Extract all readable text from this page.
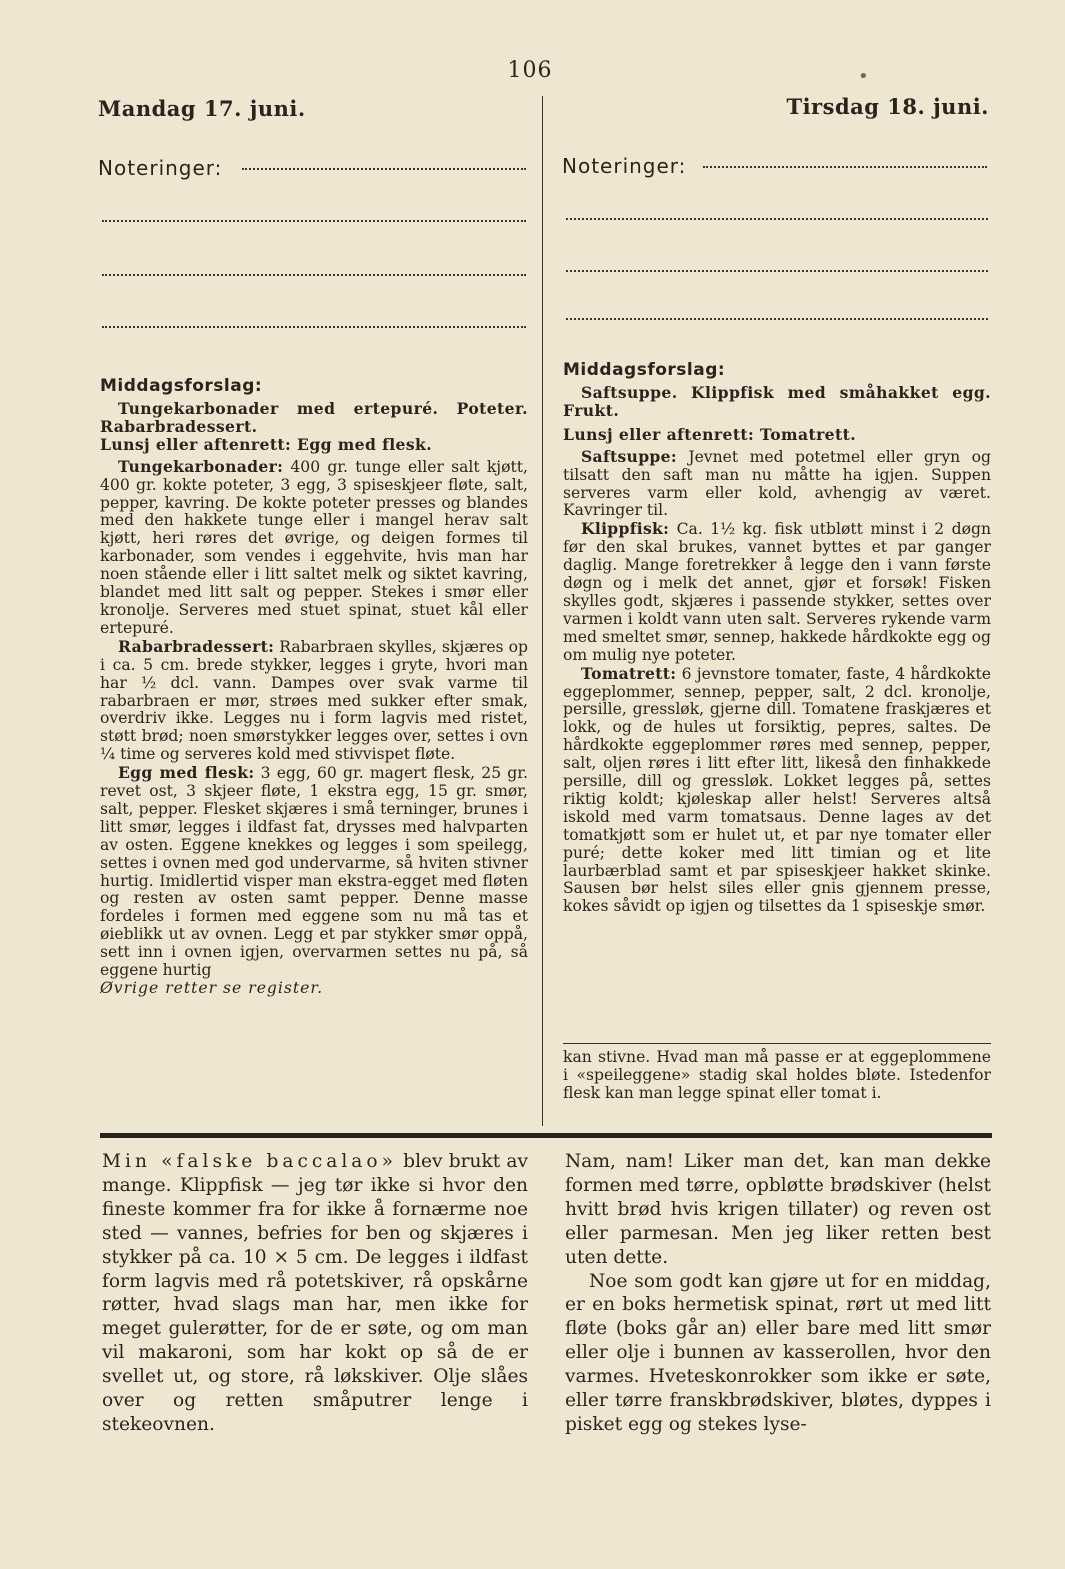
106	•
Mandag 17. juni.
Noteringer:
Tirsdag 18. juni.
Noteringer:
Middagsforslag:

Tungekarbonader med ertepuré. Poteter. Rabarbradessert.

Lunsj eller aftenrett: Egg med flesk.

Tungekarbonader: 400 gr. tunge eller salt kjøtt, 400 gr. kokte poteter, 3 egg, 3 spiseskjeer fløte, salt, pepper, kavring. De kokte poteter presses og blandes med den hakkete tunge eller i mangel herav salt kjøtt, heri røres det øvrige, og deigen formes til karbonader, som vendes i eggehvite, hvis man har noen stående eller i litt saltet melk og siktet kavring, blandet med litt salt og pepper. Stekes i smør eller kronolje. Serveres med stuet spinat, stuet kål eller ertepuré.

Rabarbradessert: Rabarbraen skylles, skjæres op i ca. 5 cm. brede stykker, legges i gryte, hvori man har ½ dcl. vann. Dampes over svak varme til rabarbraen er mør, strøes med sukker efter smak, overdriv ikke. Legges nu i form lagvis med ristet, støtt brød; noen smørstykker legges over, settes i ovn ¼ time og serveres kold med stivvispet fløte.

Egg med flesk: 3 egg, 60 gr. magert flesk, 25 gr. revet ost, 3 skjeer fløte, 1 ekstra egg, 15 gr. smør, salt, pepper. Flesket skjæres i små terninger, brunes i litt smør, legges i ildfast fat, drysses med halvparten av osten. Eggene knekkes og legges i som speilegg, settes i ovnen med god undervarme, så hviten stivner hurtig. Imidlertid visper man ekstra-egget med fløten og resten av osten samt pepper. Denne masse fordeles i formen med eggene som nu må tas et øieblikk ut av ovnen. Legg et par stykker smør oppå, sett inn i ovnen igjen, overvarmen settes nu på, så eggene hurtig

Øvrige retter se register.

Middagsforslag:

Saftsuppe. Klippfisk med småhakket egg. Frukt.

Lunsj eller aftenrett: Tomatrett.

Saftsuppe: Jevnet med potetmel eller gryn og tilsatt den saft man nu måtte ha igjen. Suppen serveres varm eller kold, avhengig av været. Kavringer til.

Klippfisk: Ca. 1½ kg. fisk utbløtt minst i 2 døgn før den skal brukes, vannet byttes et par ganger daglig. Mange foretrekker å legge den i vann første døgn og i melk det annet, gjør et forsøk! Fisken skylles godt, skjæres i passende stykker, settes over varmen i koldt vann uten salt. Serveres rykende varm med smeltet smør, sennep, hakkede hårdkokte egg og om mulig nye poteter.

Tomatrett: 6 jevnstore tomater, faste, 4 hårdkokte eggeplommer, sennep, pepper, salt, 2 dcl. kronolje, persille, gressløk, gjerne dill. Tomatene fraskjæres et lokk, og de hules ut forsiktig, pepres, saltes. De hårdkokte eggeplommer røres med sennep, pepper, salt, oljen røres i litt efter litt, likeså den finhakkede persille, dill og gressløk. Lokket legges på, settes riktig koldt; kjøleskap aller helst! Serveres altså iskold med varm tomatsaus. Denne lages av det tomatkjøtt som er hulet ut, et par nye tomater eller puré; dette koker med litt timian og et lite laurbærblad samt et par spiseskjeer hakket skinke. Sausen bør helst siles eller gnis gjennem presse, kokes såvidt op igjen og tilsettes da 1 spiseskje smør.

kan stivne. Hvad man må passe er at eggeplommene i «speileggene» stadig skal holdes bløte. Istedenfor flesk kan man legge spinat eller tomat i.

Min «falske baccalao» blev brukt av mange. Klippfisk — jeg tør ikke si hvor den fineste kommer fra for ikke å fornærme noe sted — vannes, befries for ben og skjæres i stykker på ca. 10 × 5 cm. De legges i ildfast form lagvis med rå potetskiver, rå opskårne røtter, hvad slags man har, men ikke for meget gulerøtter, for de er søte, og om man vil makaroni, som har kokt op så de er svellet ut, og store, rå løkskiver. Olje slåes over og retten småputrer lenge i stekeovnen.

Nam, nam! Liker man det, kan man dekke formen med tørre, opbløtte brødskiver (helst hvitt brød hvis krigen tillater) og reven ost eller parmesan. Men jeg liker retten best uten dette.

Noe som godt kan gjøre ut for en middag, er en boks hermetisk spinat, rørt ut med litt fløte (boks går an) eller bare med litt smør eller olje i bunnen av kasserollen, hvor den varmes. Hveteskonrokker som ikke er søte, eller tørre franskbrødskiver, bløtes, dyppes i pisket egg og stekes lyse-
